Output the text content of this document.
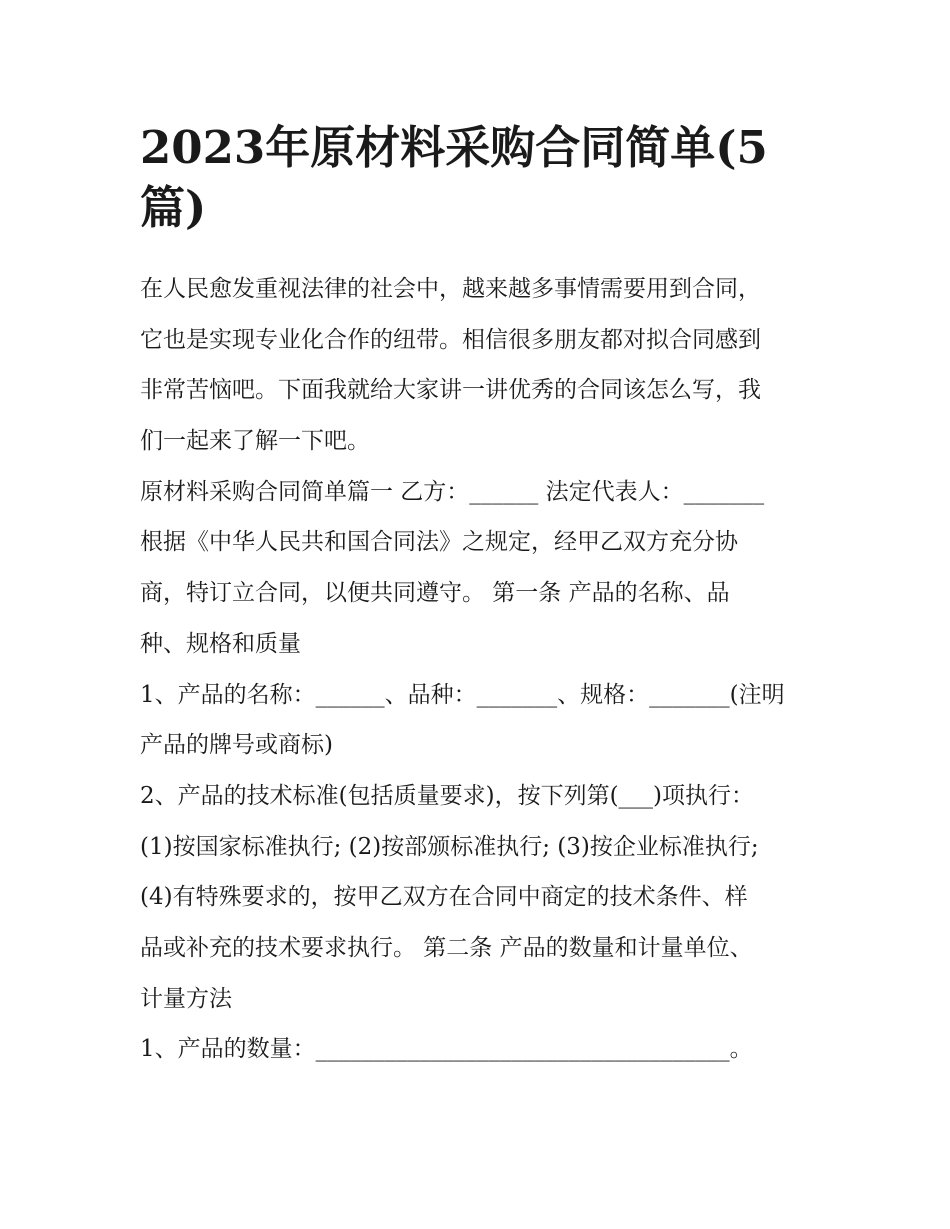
2023年原材料采购合同简单(5
篇)
在人民愈发重视法律的社会中，越来越多事情需要用到合同，
它也是实现专业化合作的纽带。相信很多朋友都对拟合同感到
非常苦恼吧。下面我就给大家讲一讲优秀的合同该怎么写，我
们一起来了解一下吧。
原材料采购合同简单篇一 乙方：______ 法定代表人：_______
根据《中华人民共和国合同法》之规定，经甲乙双方充分协
商，特订立合同，以便共同遵守。 第一条 产品的名称、品
种、规格和质量
1、产品的名称：______、品种：_______、规格：_______(注明
产品的牌号或商标)
2、产品的技术标准(包括质量要求)，按下列第(___)项执行：
(1)按国家标准执行; (2)按部颁标准执行; (3)按企业标准执行;
(4)有特殊要求的，按甲乙双方在合同中商定的技术条件、样
品或补充的技术要求执行。 第二条 产品的数量和计量单位、
计量方法
1、产品的数量：____________________________________。
